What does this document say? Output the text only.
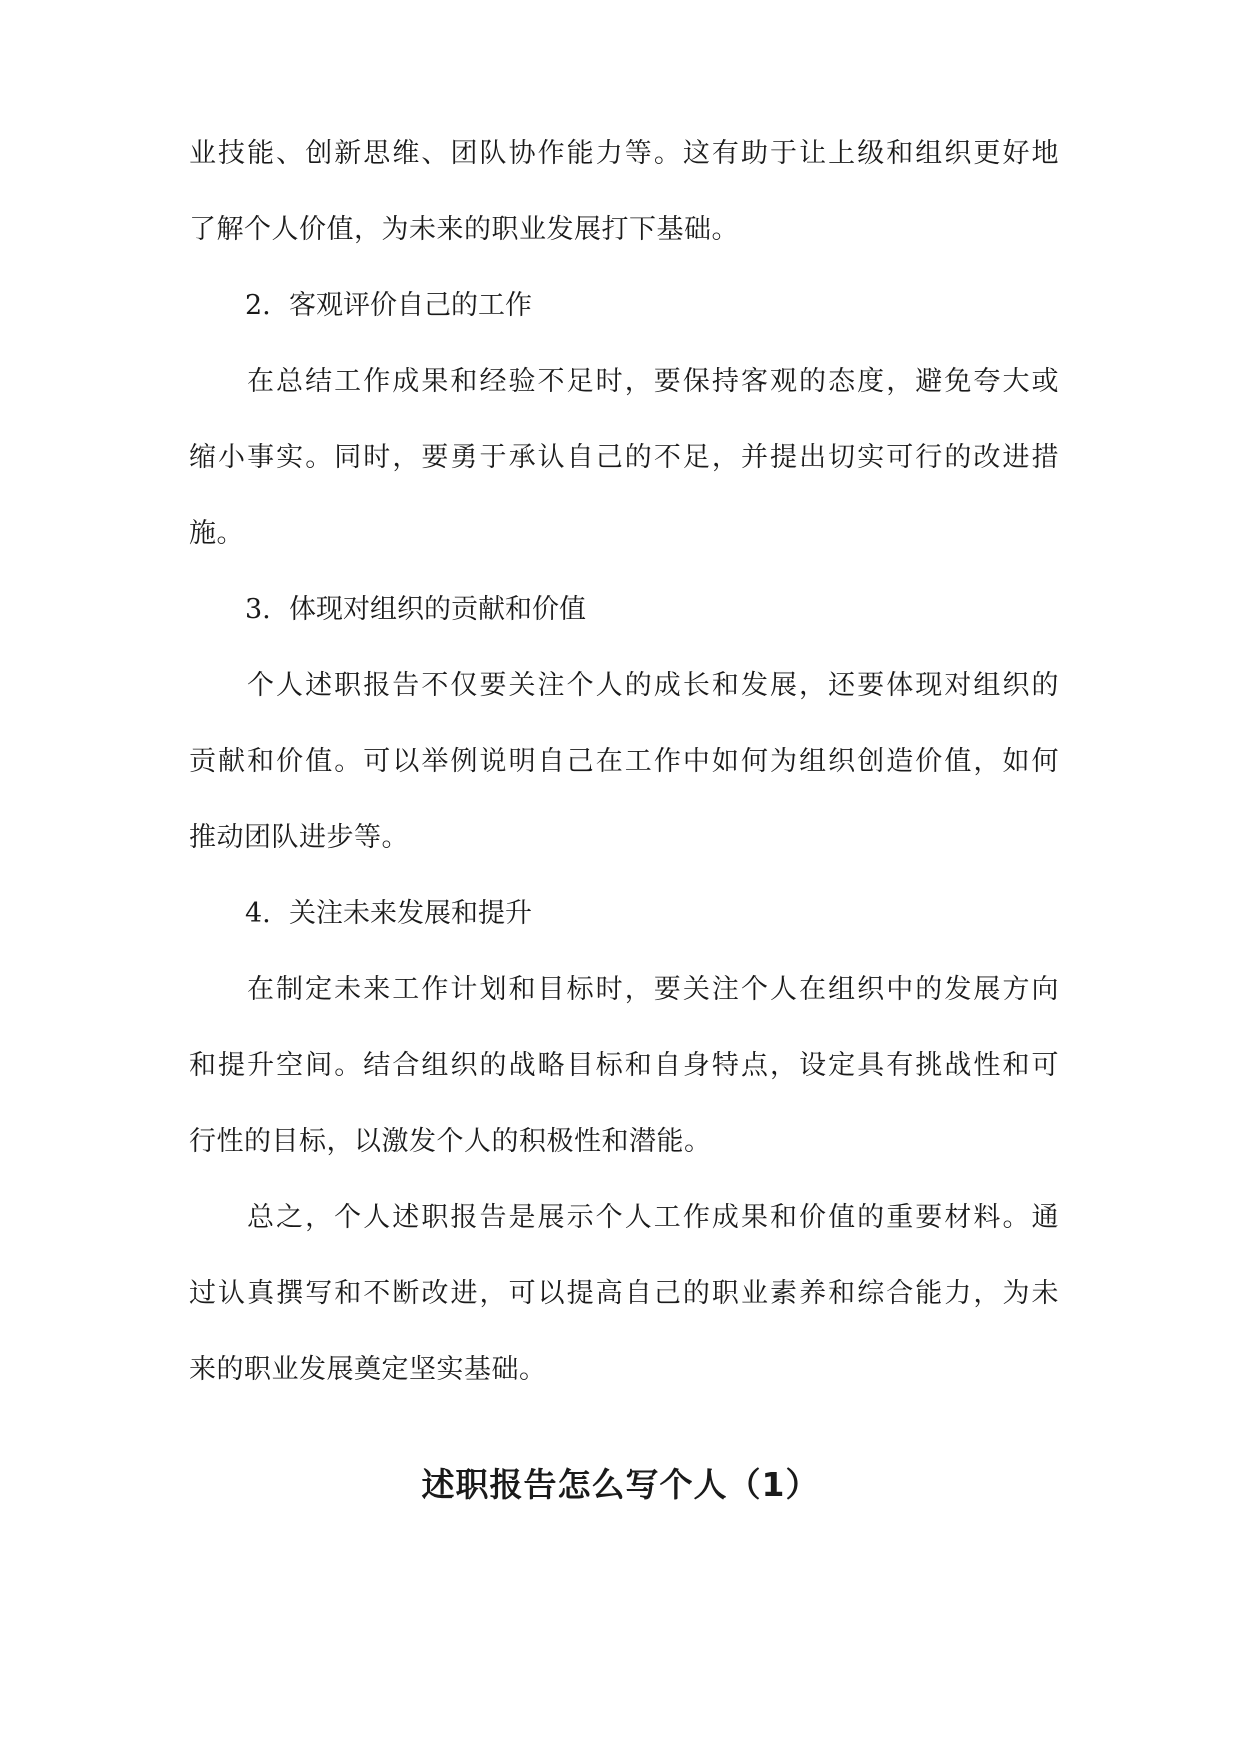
业技能、创新思维、团队协作能力等。这有助于让上级和组织更好地
了解个人价值，为未来的职业发展打下基础。
2. 客观评价自己的工作
在总结工作成果和经验不足时，要保持客观的态度，避免夸大或
缩小事实。同时，要勇于承认自己的不足，并提出切实可行的改进措
施。
3. 体现对组织的贡献和价值
个人述职报告不仅要关注个人的成长和发展，还要体现对组织的
贡献和价值。可以举例说明自己在工作中如何为组织创造价值，如何
推动团队进步等。
4. 关注未来发展和提升
在制定未来工作计划和目标时，要关注个人在组织中的发展方向
和提升空间。结合组织的战略目标和自身特点，设定具有挑战性和可
行性的目标，以激发个人的积极性和潜能。
总之，个人述职报告是展示个人工作成果和价值的重要材料。通
过认真撰写和不断改进，可以提高自己的职业素养和综合能力，为未
来的职业发展奠定坚实基础。
述职报告怎么写个人（1）
